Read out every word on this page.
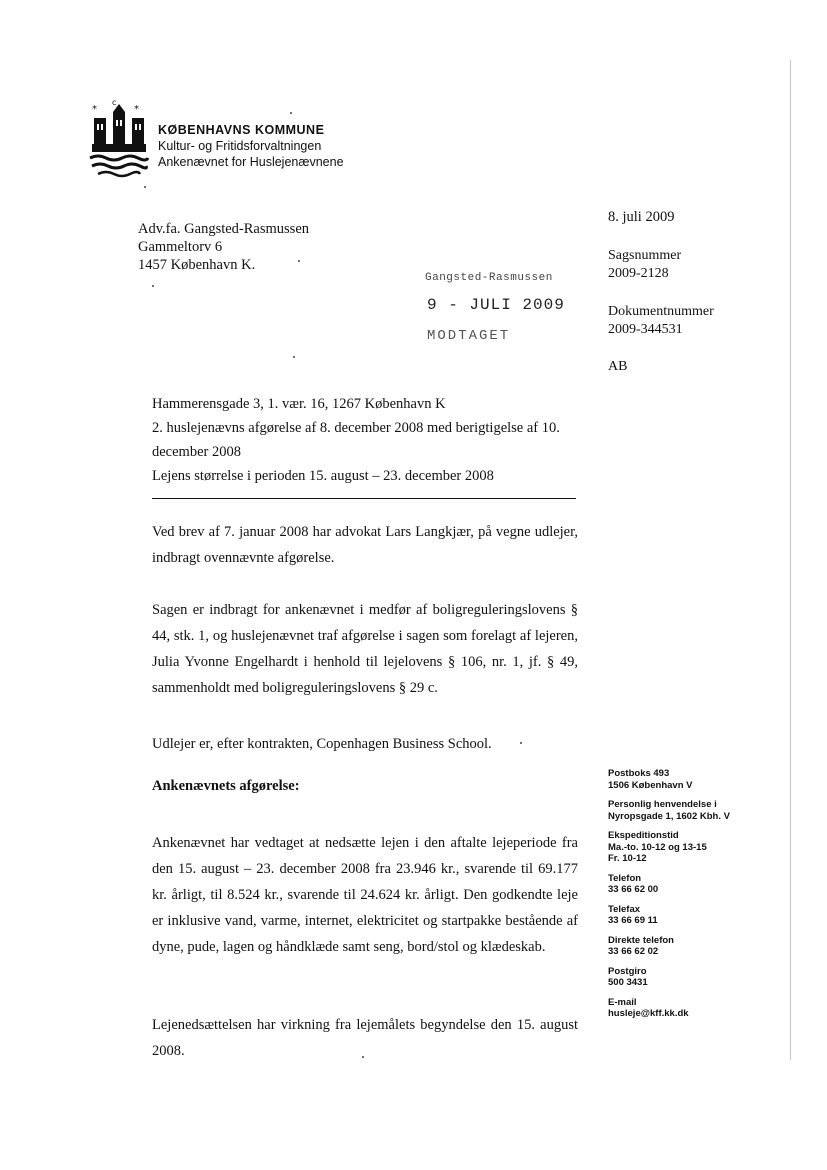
*
c
*
KØBENHAVNS KOMMUNE
Kultur- og Fritidsforvaltningen
Ankenævnet for Huslejenævnene
Adv.fa. Gangsted-Rasmussen
Gammeltorv 6
1457 København K.
8. juli 2009
Sagsnummer
2009-2128
Dokumentnummer
2009-344531
AB
Gangsted-Rasmussen
9 - JULI 2009
MODTAGET
Hammerensgade 3, 1. vær. 16, 1267 København K
2. huslejenævns afgørelse af 8. december 2008 med berigtigelse af 10. december 2008
Lejens størrelse i perioden 15. august – 23. december 2008
Ved brev af 7. januar 2008 har advokat Lars Langkjær, på vegne udlejer, indbragt ovennævnte afgørelse.
Sagen er indbragt for ankenævnet i medfør af boligreguleringslovens § 44, stk. 1, og huslejenævnet traf afgørelse i sagen som forelagt af lejeren, Julia Yvonne Engelhardt i henhold til lejelovens § 106, nr. 1, jf. § 49, sammenholdt med boligreguleringslovens § 29 c.
Udlejer er, efter kontrakten, Copenhagen Business School.
Ankenævnets afgørelse:
Ankenævnet har vedtaget at nedsætte lejen i den aftalte lejeperiode fra den 15. august – 23. december 2008 fra 23.946 kr., svarende til 69.177 kr. årligt, til 8.524 kr., svarende til 24.624 kr. årligt. Den godkendte leje er inklusive vand, varme, internet, elektricitet og startpakke bestående af dyne, pude, lagen og håndklæde samt seng, bord/stol og klædeskab.
Lejenedsættelsen har virkning fra lejemålets begyndelse den 15. august 2008.
Postboks 493
1506 København V
Personlig henvendelse i
Nyropsgade 1, 1602 Kbh. V
Ekspeditionstid
Ma.-to. 10-12 og 13-15
Fr. 10-12
Telefon
33 66 62 00
Telefax
33 66 69 11
Direkte telefon
33 66 62 02
Postgiro
500 3431
E-mail
husleje@kff.kk.dk
